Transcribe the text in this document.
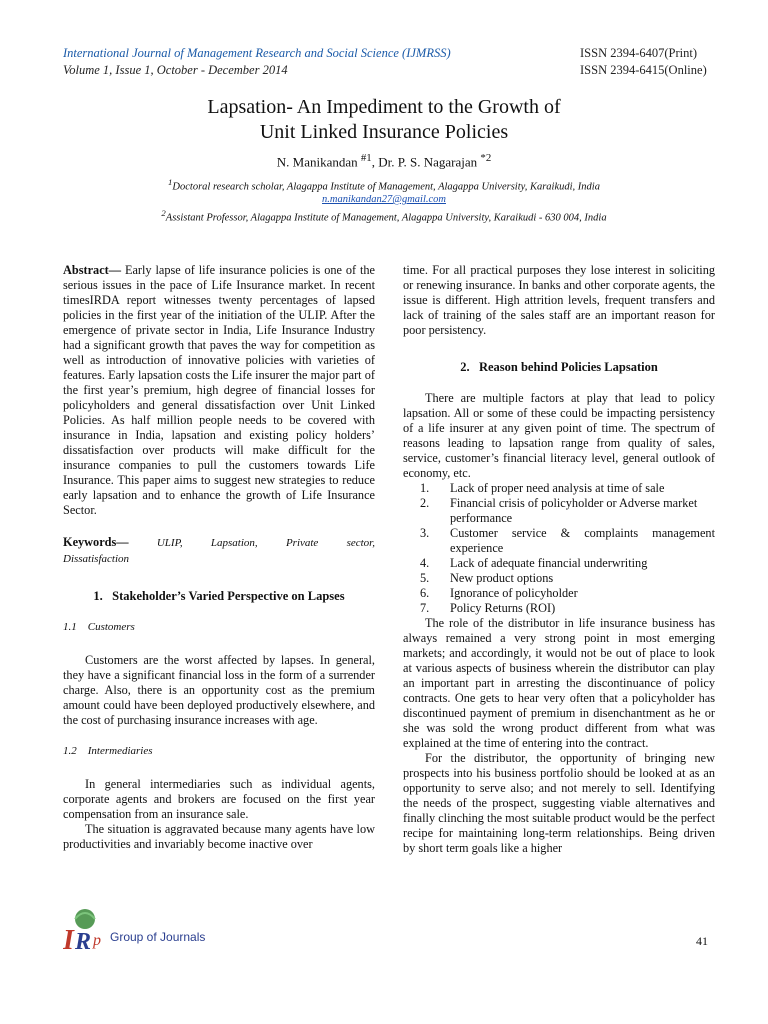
International Journal of Management Research and Social Science (IJMRSS)
Volume 1, Issue 1, October - December 2014
ISSN 2394-6407(Print)
ISSN 2394-6415(Online)
Lapsation- An Impediment to the Growth of
Unit Linked Insurance Policies
N. Manikandan $^{\#1}$, Dr. P. S. Nagarajan $^{*2}$
$^1$Doctoral research scholar, Alagappa Institute of Management, Alagappa University, Karaikudi, India
n.manikandan27@gmail.com
$^2$Assistant Professor, Alagappa Institute of Management, Alagappa University, Karaikudi - 630 004, India

Abstract— Early lapse of life insurance policies is one of the serious issues in the pace of Life Insurance market. In recent timesIRDA report witnesses twenty percentages of lapsed policies in the first year of the initiation of the ULIP. After the emergence of private sector in India, Life Insurance Industry had a significant growth that paves the way for competition as well as introduction of innovative policies with varieties of features. Early lapsation costs the Life insurer the major part of the first year’s premium, high degree of financial losses for policyholders and general dissatisfaction over Unit Linked Policies. As half million people needs to be covered with insurance in India, lapsation and existing policy holders’ dissatisfaction over products will make difficult for the insurance companies to pull the customers towards Life Insurance. This paper aims to suggest new strategies to reduce early lapsation and to enhance the growth of Life Insurance Sector.

Keywords— ULIP, Lapsation, Private sector, Dissatisfaction

1.   Stakeholder’s Varied Perspective on Lapses
1.1    Customers

Customers are the worst affected by lapses. In general, they have a significant financial loss in the form of a surrender charge. Also, there is an opportunity cost as the premium amount could have been deployed productively elsewhere, and the cost of purchasing insurance increases with age.

1.2    Intermediaries

In general intermediaries such as individual agents, corporate agents and brokers are focused on the first year compensation from an insurance sale.

The situation is aggravated because many agents have low productivities and invariably become inactive over

time. For all practical purposes they lose interest in soliciting or renewing insurance. In banks and other corporate agents, the issue is different. High attrition levels, frequent transfers and lack of training of the sales staff are an important reason for poor persistency.

2.   Reason behind Policies Lapsation

There are multiple factors at play that lead to policy lapsation. All or some of these could be impacting persistency of a life insurer at any given point of time. The spectrum of reasons leading to lapsation range from quality of sales, service, customer’s financial literacy level, general outlook of economy, etc.

1.	Lack of proper need analysis at time of sale
2.	Financial crisis of policyholder or Adverse market performance
3.	Customer service & complaints management experience
4.	Lack of adequate financial underwriting
5.	New product options
6.	Ignorance of policyholder
7.	Policy Returns (ROI)

The role of the distributor in life insurance business has always remained a very strong point in most emerging markets; and accordingly, it would not be out of place to look at various aspects of business wherein the distributor can play an important part in arresting the discontinuance of policy contracts. One gets to hear very often that a policyholder has discontinued payment of premium in disenchantment as he or she was sold the wrong product different from what was explained at the time of entering into the contract.

For the distributor, the opportunity of bringing new prospects into his business portfolio should be looked at as an opportunity to serve also; and not merely to sell. Identifying the needs of the prospect, suggesting viable alternatives and finally clinching the most suitable product would be the perfect recipe for maintaining long-term relationships. Being driven by short term goals like a higher

I R p Group of Journals	41
